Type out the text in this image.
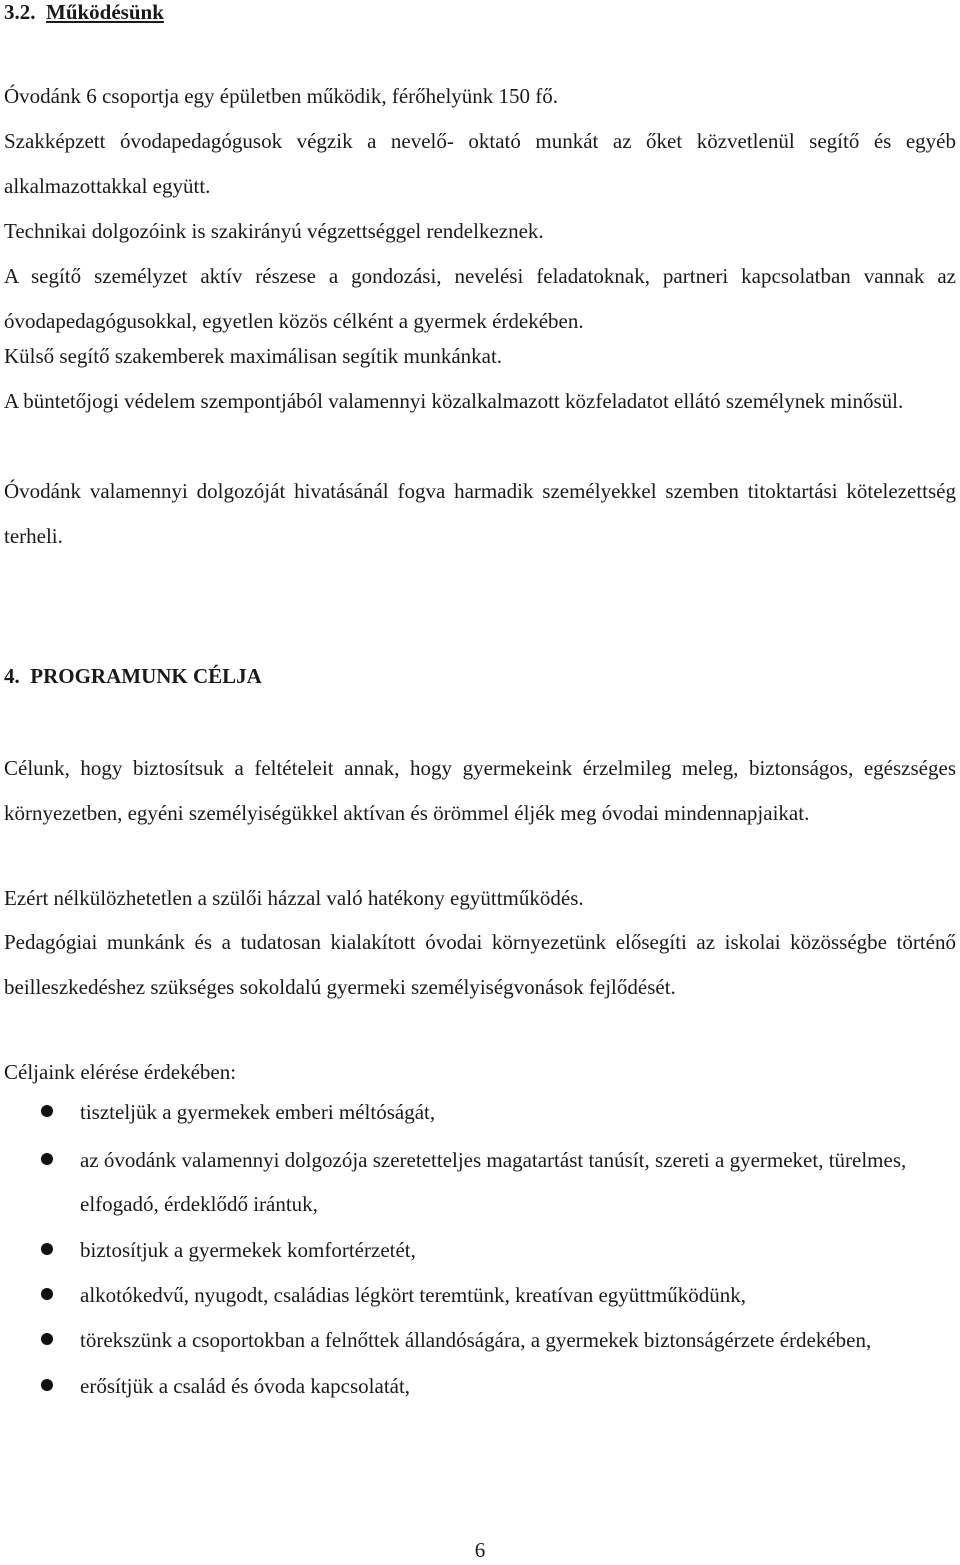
3.2. Működésünk

Óvodánk 6 csoportja egy épületben működik, férőhelyünk 150 fő.

Szakképzett óvodapedagógusok végzik a nevelő- oktató munkát az őket közvetlenül segítő és egyéb alkalmazottakkal együtt.

Technikai dolgozóink is szakirányú végzettséggel rendelkeznek.

A segítő személyzet aktív részese a gondozási, nevelési feladatoknak, partneri kapcsolatban vannak az óvodapedagógusokkal, egyetlen közös célként a gyermek érdekében.

Külső segítő szakemberek maximálisan segítik munkánkat.

A büntetőjogi védelem szempontjából valamennyi közalkalmazott közfeladatot ellátó személynek minősül.

Óvodánk valamennyi dolgozóját hivatásánál fogva harmadik személyekkel szemben titoktartási kötelezettség terheli.

4. PROGRAMUNK CÉLJA

Célunk, hogy biztosítsuk a feltételeit annak, hogy gyermekeink érzelmileg meleg, biztonságos, egészséges környezetben, egyéni személyiségükkel aktívan és örömmel éljék meg óvodai mindennapjaikat.

Ezért nélkülözhetetlen a szülői házzal való hatékony együttműködés.

Pedagógiai munkánk és a tudatosan kialakított óvodai környezetünk elősegíti az iskolai közösségbe történő beilleszkedéshez szükséges sokoldalú gyermeki személyiségvonások fejlődését.

Céljaink elérése érdekében:

tiszteljük a gyermekek emberi méltóságát,
az óvodánk valamennyi dolgozója szeretetteljes magatartást tanúsít, szereti a gyermeket, türelmes, elfogadó, érdeklődő irántuk,
biztosítjuk a gyermekek komfortérzetét,
alkotókedvű, nyugodt, családias légkört teremtünk, kreatívan együttműködünk,
törekszünk a csoportokban a felnőttek állandóságára, a gyermekek biztonságérzete érdekében,
erősítjük a család és óvoda kapcsolatát,
6
